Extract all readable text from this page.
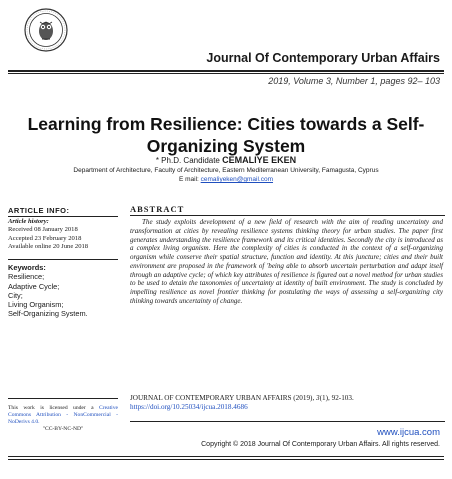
Journal Of Contemporary Urban Affairs
2019, Volume 3, Number 1, pages 92– 103
Learning from Resilience: Cities towards a Self-
Organizing System
* Ph.D. Candidate CEMALIYE EKEN
Department of Architecture, Faculty of Architecture, Eastern Mediterranean University, Famagusta, Cyprus
E mail: cemaliyeken@gmail.com
ARTICLE INFO:
Article history:
Received 08 January 2018
Accepted 23 February 2018
Available online 20 June 2018
Keywords:
Resilience;
Adaptive Cycle;
City;
Living Organism;
Self-Organizing System.
This work is licensed under a Creative Commons Attribution - NonCommercial - NoDerivs 4.0.
"CC-BY-NC-ND"
ABSTRACT
The study exploits development of a new field of research with the aim of reading uncertainty and transformation at cities by revealing resilience systems thinking theory for urban studies. The paper first generates understanding the resilience framework and its critical identities. Secondly the city is introduced as a complex living organism. Here the complexity of cities is conducted in the context of a self-organizing organism while conserve their spatial structure, function and identity. At this juncture; cities and their built environment are proposed in the framework of 'being able to absorb uncertain perturbation and adapt itself through an adaptive cycle; of which key attributes of resilience is figured out a novel method for urban studies to be used to detain the taxonomies of uncertainty at identity of built environment. The study is concluded by impelling resilience as novel frontier thinking for postulating the ways of assessing a self-organizing city thinking towards uncertainty of change.
JOURNAL OF CONTEMPORARY URBAN AFFAIRS (2019), 3(1), 92-103.
https://doi.org/10.25034/ijcua.2018.4686
www.ijcua.com
Copyright © 2018 Journal Of Contemporary Urban Affairs. All rights reserved.
